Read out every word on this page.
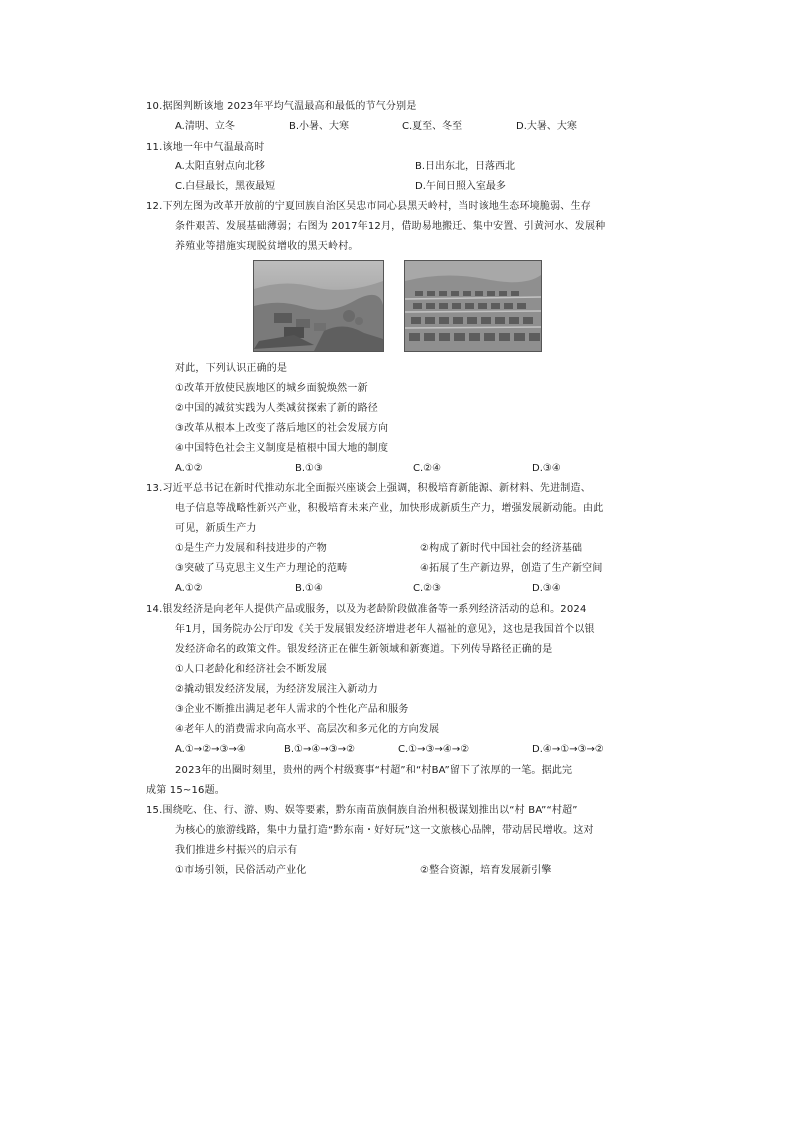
10.据图判断该地 2023年平均气温最高和最低的节气分别是
A.清明、立冬	B.小暑、大寒	C.夏至、冬至	D.大暑、大寒
11.该地一年中气温最高时
A.太阳直射点向北移	B.日出东北，日落西北
C.白昼最长，黑夜最短	D.午间日照入室最多
12.下列左图为改革开放前的宁夏回族自治区吴忠市同心县黑天岭村，当时该地生态环境脆弱、生存
条件艰苦、发展基础薄弱；右图为 2017年12月，借助易地搬迁、集中安置、引黄河水、发展种
养殖业等措施实现脱贫增收的黑天岭村。
对此，下列认识正确的是
①改革开放使民族地区的城乡面貌焕然一新
②中国的减贫实践为人类减贫探索了新的路径
③改革从根本上改变了落后地区的社会发展方向
④中国特色社会主义制度是植根中国大地的制度
A.①②	B.①③	C.②④	D.③④
13.习近平总书记在新时代推动东北全面振兴座谈会上强调，积极培育新能源、新材料、先进制造、
电子信息等战略性新兴产业，积极培育未来产业，加快形成新质生产力，增强发展新动能。由此
可见，新质生产力
①是生产力发展和科技进步的产物	②构成了新时代中国社会的经济基础
③突破了马克思主义生产力理论的范畴	④拓展了生产新边界，创造了生产新空间
A.①②	B.①④	C.②③	D.③④
14.银发经济是向老年人提供产品或服务，以及为老龄阶段做准备等一系列经济活动的总和。2024
年1月，国务院办公厅印发《关于发展银发经济增进老年人福祉的意见》，这也是我国首个以银
发经济命名的政策文件。银发经济正在催生新领域和新赛道。下列传导路径正确的是
①人口老龄化和经济社会不断发展
②撬动银发经济发展，为经济发展注入新动力
③企业不断推出满足老年人需求的个性化产品和服务
④老年人的消费需求向高水平、高层次和多元化的方向发展
A.①→②→③→④	B.①→④→③→②	C.①→③→④→②	D.④→①→③→②
2023年的出圈时刻里，贵州的两个村级赛事“村超”和“村BA”留下了浓厚的一笔。据此完
成第 15~16题。
15.围绕吃、住、行、游、购、娱等要素，黔东南苗族侗族自治州积极谋划推出以“村 BA”“村超”
为核心的旅游线路，集中力量打造“黔东南・好好玩”这一文旅核心品牌，带动居民增收。这对
我们推进乡村振兴的启示有
①市场引领，民俗活动产业化	②整合资源，培育发展新引擎
